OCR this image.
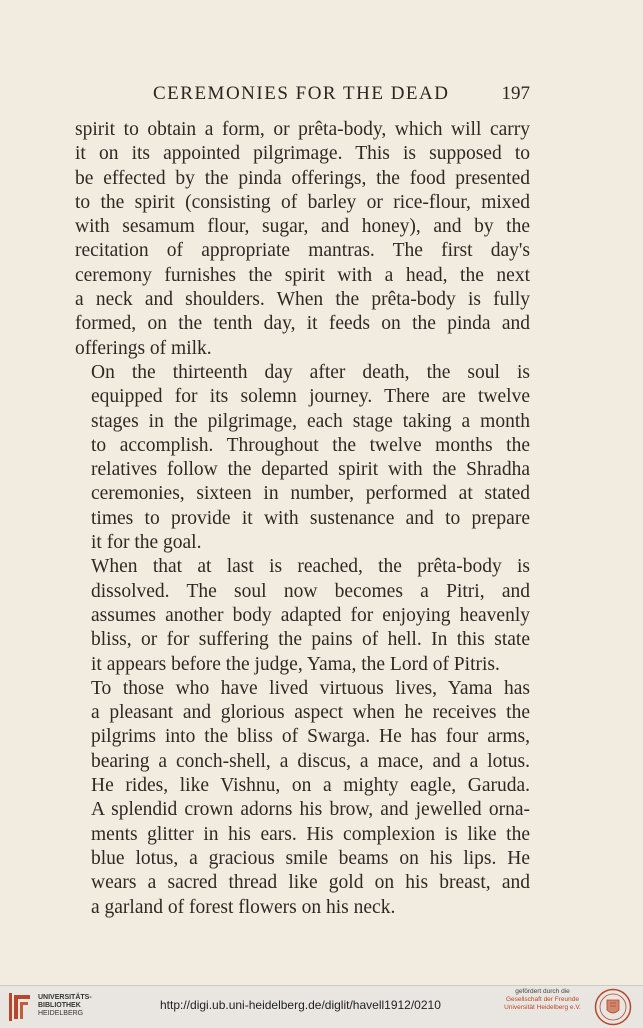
CEREMONIES FOR THE DEAD	197

spirit to obtain a form, or prêta-body, which will carry
it on its appointed pilgrimage. This is supposed to
be effected by the pinda offerings, the food presented
to the spirit (consisting of barley or rice-flour, mixed
with sesamum flour, sugar, and honey), and by the
recitation of appropriate mantras. The first day's
ceremony furnishes the spirit with a head, the next
a neck and shoulders. When the prêta-body is fully
formed, on the tenth day, it feeds on the pinda and
offerings of milk.

On the thirteenth day after death, the soul is
equipped for its solemn journey. There are twelve
stages in the pilgrimage, each stage taking a month
to accomplish. Throughout the twelve months the
relatives follow the departed spirit with the Shradha
ceremonies, sixteen in number, performed at stated
times to provide it with sustenance and to prepare
it for the goal.

When that at last is reached, the prêta-body is
dissolved. The soul now becomes a Pitri, and
assumes another body adapted for enjoying heavenly
bliss, or for suffering the pains of hell. In this state
it appears before the judge, Yama, the Lord of Pitris.

To those who have lived virtuous lives, Yama has
a pleasant and glorious aspect when he receives the
pilgrims into the bliss of Swarga. He has four arms,
bearing a conch-shell, a discus, a mace, and a lotus.
He rides, like Vishnu, on a mighty eagle, Garuda.
A splendid crown adorns his brow, and jewelled orna-
ments glitter in his ears. His complexion is like the
blue lotus, a gracious smile beams on his lips. He
wears a sacred thread like gold on his breast, and
a garland of forest flowers on his neck.

UNIVERSITÄTS-
BIBLIOTHEK
HEIDELBERG
http://digi.ub.uni-heidelberg.de/diglit/havell1912/0210
gefördert durch die
Gesellschaft der Freunde
Universität Heidelberg e.V.
